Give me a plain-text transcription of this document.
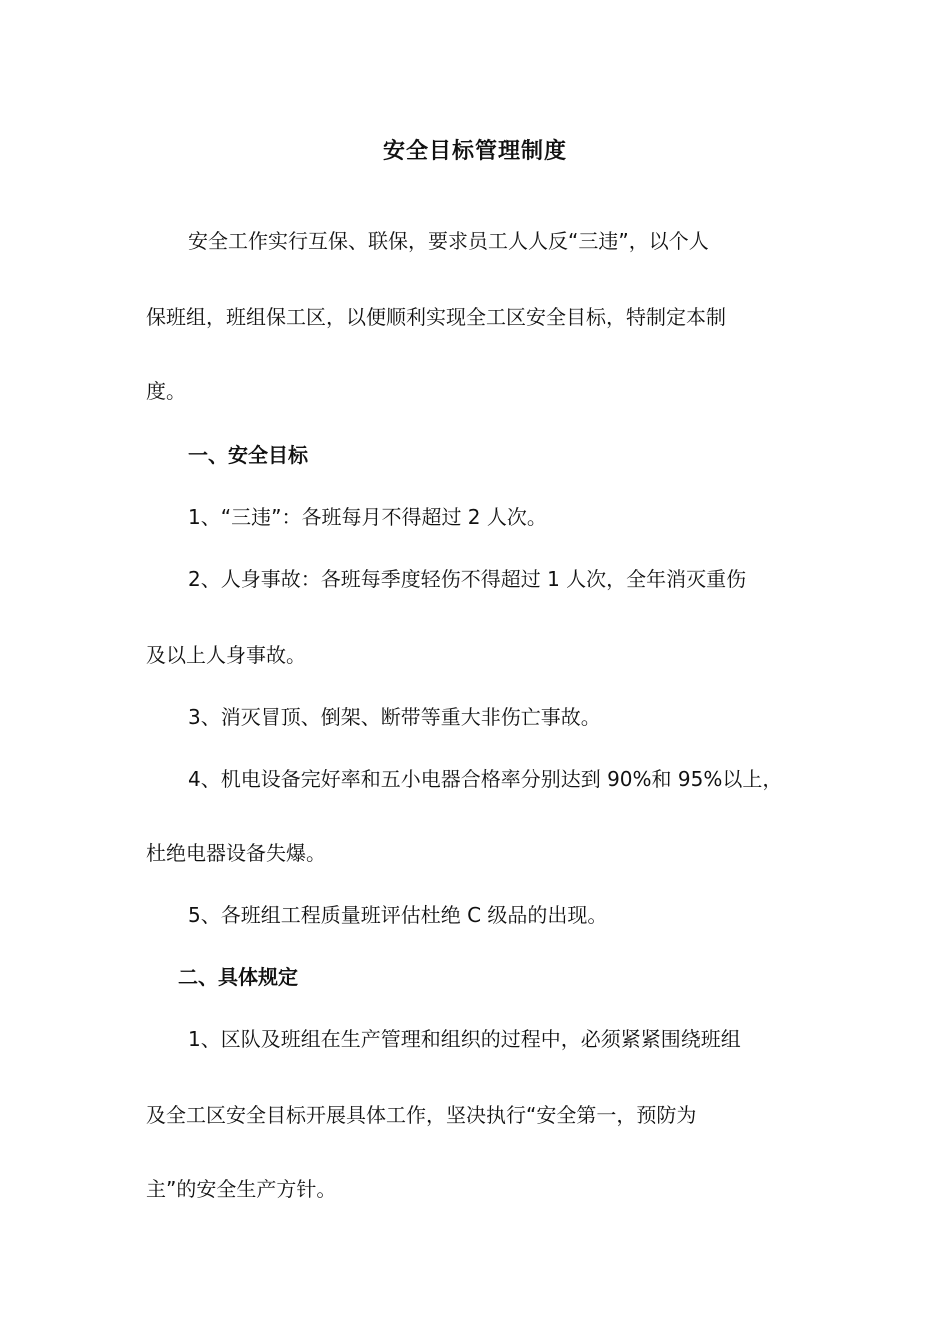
安全目标管理制度

安全工作实行互保、联保，要求员工人人反“三违”，以个人

保班组，班组保工区，以便顺利实现全工区安全目标，特制定本制

度。

一、安全目标

1、“三违”：各班每月不得超过 2 人次。

2、人身事故：各班每季度轻伤不得超过 1 人次，全年消灭重伤

及以上人身事故。

3、消灭冒顶、倒架、断带等重大非伤亡事故。

4、机电设备完好率和五小电器合格率分别达到 90%和 95%以上，

杜绝电器设备失爆。

5、各班组工程质量班评估杜绝 C 级品的出现。

二、具体规定

1、区队及班组在生产管理和组织的过程中，必须紧紧围绕班组

及全工区安全目标开展具体工作，坚决执行“安全第一，预防为

主”的安全生产方针。
